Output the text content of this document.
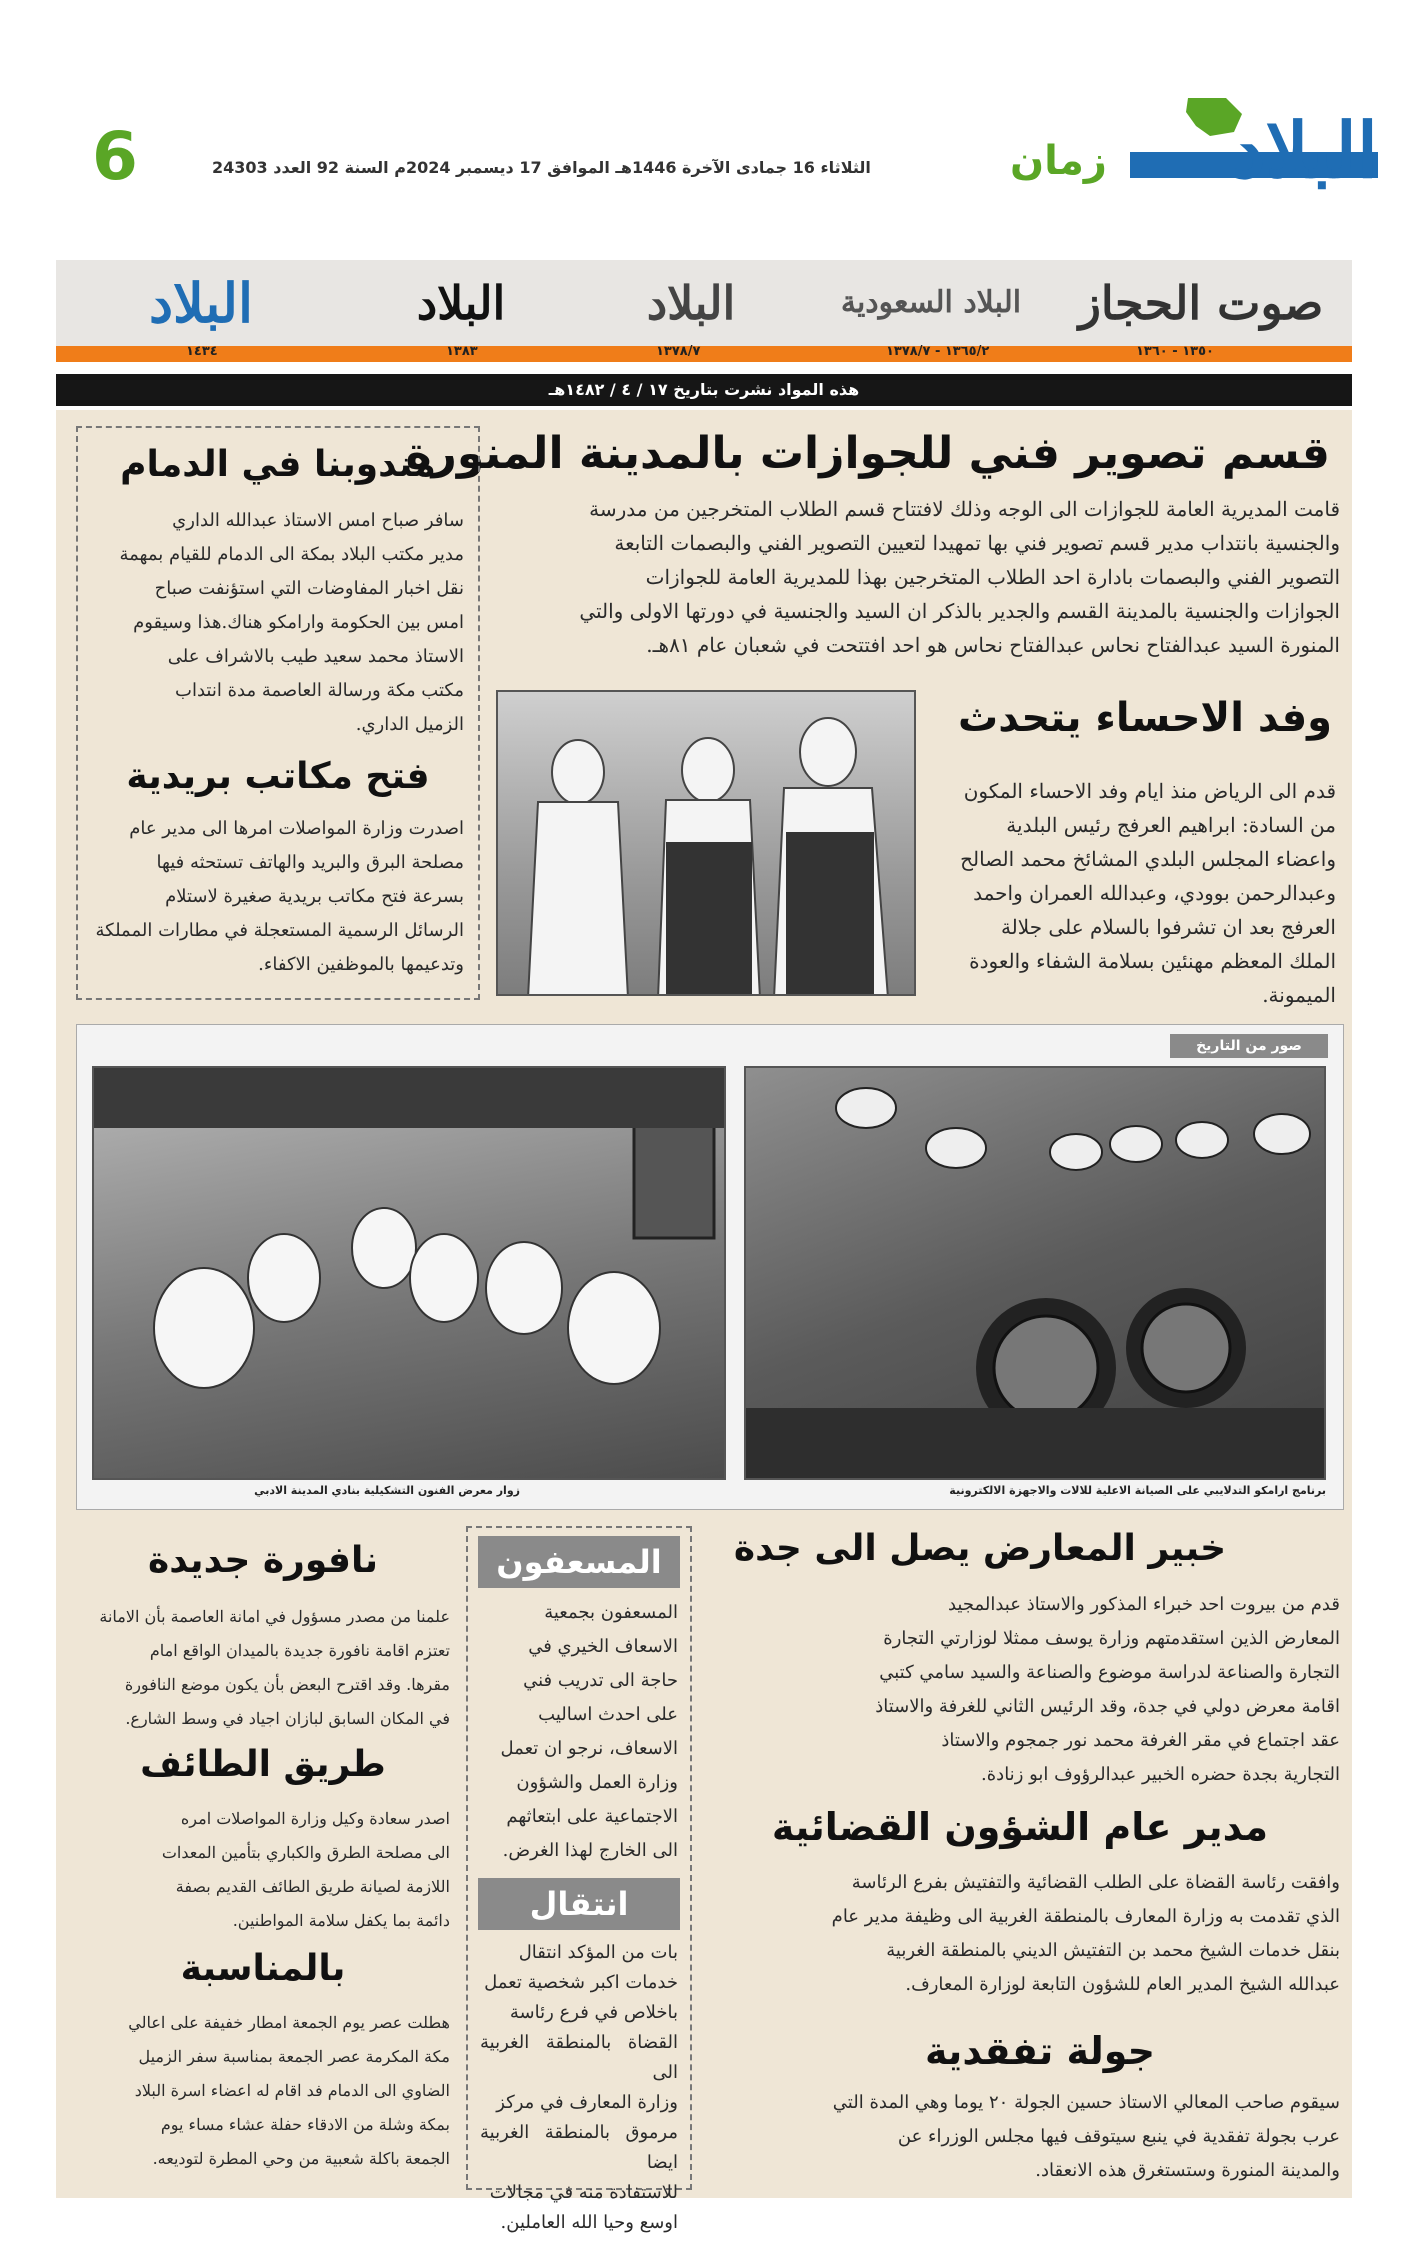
6	الثلاثاء 16 جمادى الآخرة 1446هـ الموافق 17 ديسمبر 2024م السنة 92 العدد 24303	زمان البلاد
صوت الحجاز
البلاد السعودية
البلاد
البلاد
البلاد
١٣٥٠ - ١٣٦٠
١٣٦٥/٢ - ١٣٧٨/٧
١٣٧٨/٧
١٣٨٣
١٤٣٤
هذه المواد نشرت بتاريخ ١٧ / ٤ / ١٤٨٢هـ
قسم تصوير فني للجوازات بالمدينة المنورة
قامت المديرية العامة للجوازات الى الوجه وذلك لافتتاح قسم الطلاب المتخرجين من مدرسة
والجنسية بانتداب مدير قسم تصوير فني بها تمهيدا لتعيين التصوير الفني والبصمات التابعة
التصوير الفني والبصمات بادارة احد الطلاب المتخرجين بهذا للمديرية العامة للجوازات
الجوازات والجنسية بالمدينة القسم والجدير بالذكر ان السيد والجنسية في دورتها الاولى والتي
المنورة السيد عبدالفتاح نحاس عبدالفتاح نحاس هو احد افتتحت في شعبان عام ٨١هـ.
وفد الاحساء يتحدث
قدم الى الرياض منذ ايام وفد الاحساء المكون
من السادة: ابراهيم العرفج رئيس البلدية
واعضاء المجلس البلدي المشائخ محمد الصالح
وعبدالرحمن بوودي، وعبدالله العمران واحمد
العرفج بعد ان تشرفوا بالسلام على جلالة
الملك المعظم مهنئين بسلامة الشفاء والعودة
الميمونة.
مندوبنا في الدمام
سافر صباح امس الاستاذ عبدالله الداري
مدير مكتب البلاد بمكة الى الدمام للقيام بمهمة
نقل اخبار المفاوضات التي استؤنفت صباح
امس بين الحكومة وارامكو هناك.هذا وسيقوم
الاستاذ محمد سعيد طيب بالاشراف على
مكتب مكة ورسالة العاصمة مدة انتداب
الزميل الداري.
فتح مكاتب بريدية
اصدرت وزارة المواصلات امرها الى مدير عام
مصلحة البرق والبريد والهاتف تستحثه فيها
بسرعة فتح مكاتب بريدية صغيرة لاستلام
الرسائل الرسمية المستعجلة في مطارات المملكة
وتدعيمها بالموظفين الاكفاء.
صور من التاريخ
برنامج ارامكو التدلايبي على الصيانة الاعلية للالات والاجهزة الالكترونية
زوار معرض الفنون التشكيلية بنادي المدينة الادبي
خبير المعارض يصل الى جدة
قدم من بيروت احد خبراء المذكور والاستاذ عبدالمجيد
المعارض الذين استقدمتهم وزارة يوسف ممثلا لوزارتي التجارة
التجارة والصناعة لدراسة موضوع والصناعة والسيد سامي كتبي
اقامة معرض دولي في جدة، وقد الرئيس الثاني للغرفة والاستاذ
عقد اجتماع في مقر الغرفة محمد نور جمجوم والاستاذ
التجارية بجدة حضره الخبير عبدالرؤوف ابو زنادة.
مدير عام الشؤون القضائية
وافقت رئاسة القضاة على الطلب القضائية والتفتيش بفرع الرئاسة
الذي تقدمت به وزارة المعارف بالمنطقة الغربية الى وظيفة مدير عام
بنقل خدمات الشيخ محمد بن التفتيش الديني بالمنطقة الغربية
عبدالله الشيخ المدير العام للشؤون التابعة لوزارة المعارف.
جولة تفقدية
سيقوم صاحب المعالي الاستاذ حسين الجولة ٢٠ يوما وهي المدة التي
عرب بجولة تفقدية في ينبع سيتوقف فيها مجلس الوزراء عن
والمدينة المنورة وستستغرق هذه الانعقاد.
المسعفون
المسعفون بجمعية
الاسعاف الخيري في
حاجة الى تدريب فني
على احدث اساليب
الاسعاف، نرجو ان تعمل
وزارة العمل والشؤون
الاجتماعية على ابتعاثهم
الى الخارج لهذا الغرض.
انتقال
بات من المؤكد انتقال
خدمات اكبر شخصية تعمل
باخلاص في فرع رئاسة
القضاة بالمنطقة الغربية الى
وزارة المعارف في مركز
مرموق بالمنطقة الغربية ايضا
للاستفادة منه في مجالات
اوسع وحيا الله العاملين.
نافورة جديدة
علمنا من مصدر مسؤول في امانة العاصمة بأن الامانة
تعتزم اقامة نافورة جديدة بالميدان الواقع امام
مقرها. وقد اقترح البعض بأن يكون موضع النافورة
في المكان السابق لبازان اجياد في وسط الشارع.
طريق الطائف
اصدر سعادة وكيل وزارة المواصلات امره
الى مصلحة الطرق والكباري بتأمين المعدات
اللازمة لصيانة طريق الطائف القديم بصفة
دائمة بما يكفل سلامة المواطنين.
بالمناسبة
هطلت عصر يوم الجمعة امطار خفيفة على اعالي
مكة المكرمة عصر الجمعة بمناسبة سفر الزميل
الضاوي الى الدمام فد اقام له اعضاء اسرة البلاد
بمكة وشلة من الادقاء حفلة عشاء مساء يوم
الجمعة باكلة شعبية من وحي المطرة لتوديعه.
